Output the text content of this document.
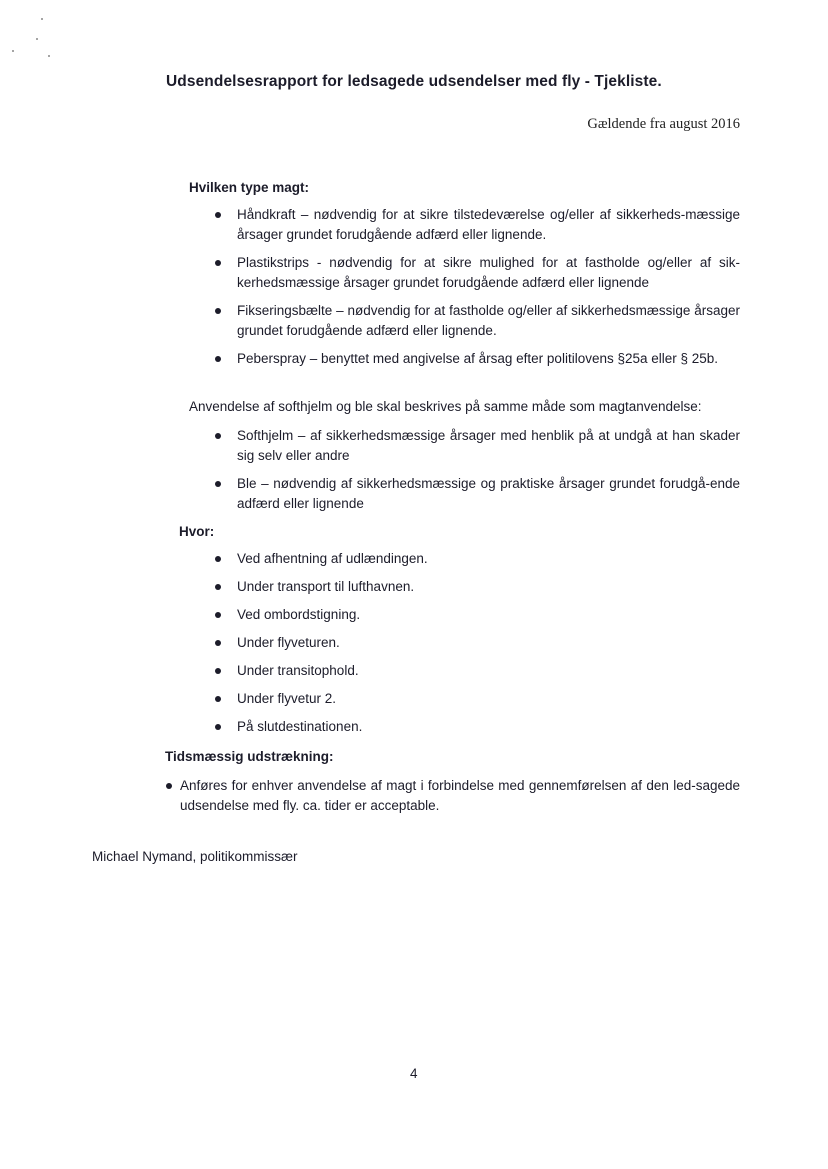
Udsendelsesrapport for ledsagede udsendelser med fly - Tjekliste.
Gældende fra august 2016
Hvilken type magt:
Håndkraft – nødvendig for at sikre tilstedeværelse og/eller af sikkerheds-mæssige årsager grundet forudgående adfærd eller lignende.
Plastikstrips - nødvendig for at sikre mulighed for at fastholde og/eller af sik-kerhedsmæssige årsager grundet forudgående adfærd eller lignende
Fikseringsbælte – nødvendig for at fastholde og/eller af sikkerhedsmæssige årsager grundet forudgående adfærd eller lignende.
Peberspray – benyttet med angivelse af årsag efter politilovens §25a eller § 25b.
Anvendelse af softhjelm og ble skal beskrives på samme måde som magtanvendelse:
Softhjelm – af sikkerhedsmæssige årsager med henblik på at undgå at han skader sig selv eller andre
Ble – nødvendig af sikkerhedsmæssige og praktiske årsager grundet forudgå-ende adfærd eller lignende
Hvor:
Ved afhentning af udlændingen.
Under transport til lufthavnen.
Ved ombordstigning.
Under flyveturen.
Under transitophold.
Under flyvetur 2.
På slutdestinationen.
Tidsmæssig udstrækning:
Anføres for enhver anvendelse af magt i forbindelse med gennemførelsen af den led-sagede udsendelse med fly. ca. tider er acceptable.
Michael Nymand, politikommissær
4
